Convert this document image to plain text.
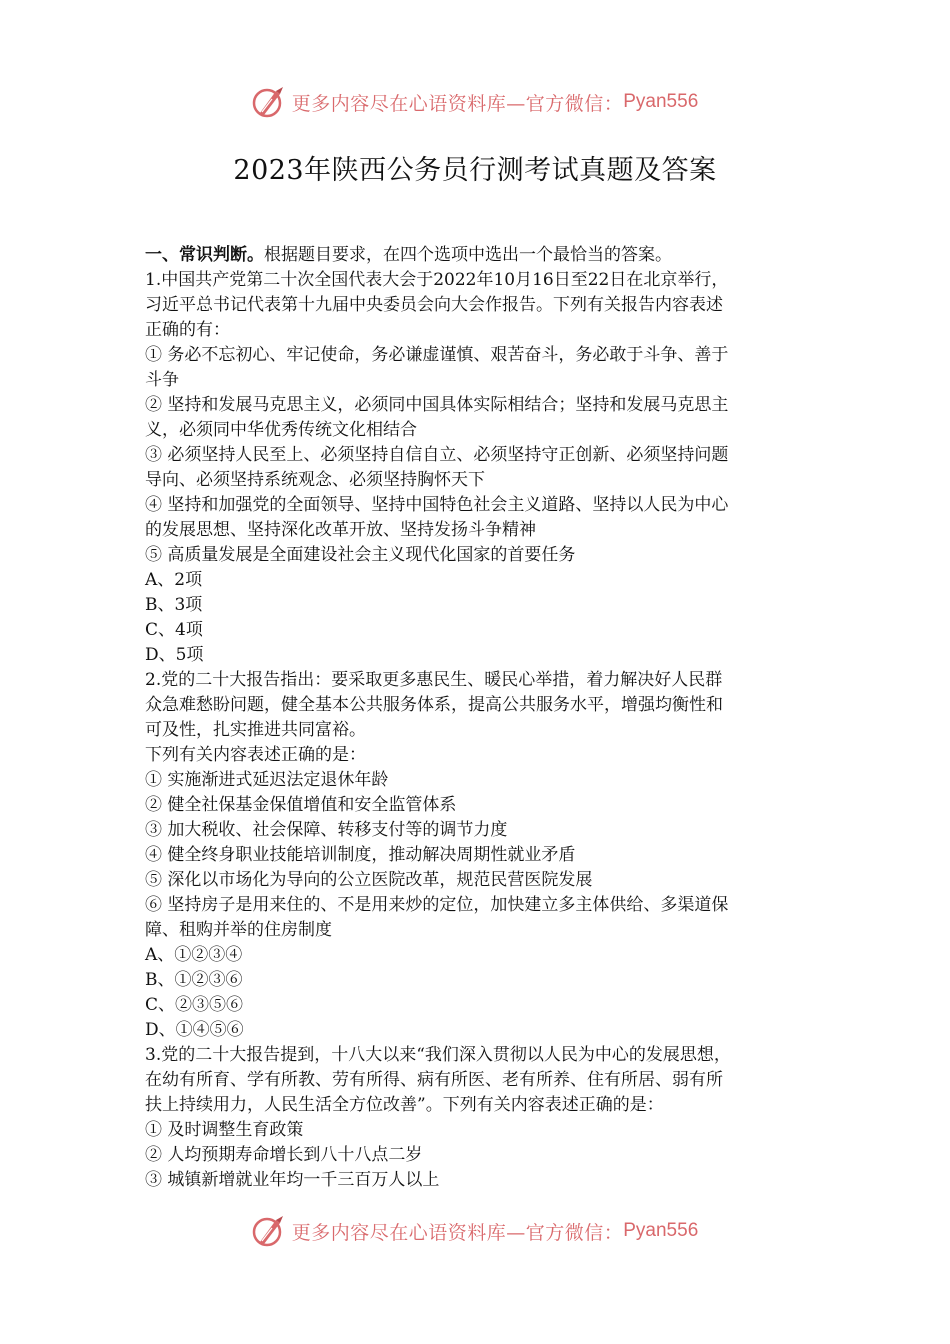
更多内容尽在心语资料库—官方微信： Pyan556
2023年陕西公务员行测考试真题及答案
一、常识判断。根据题目要求，在四个选项中选出一个最恰当的答案。
1.中国共产党第二十次全国代表大会于2022年10月16日至22日在北京举行，
习近平总书记代表第十九届中央委员会向大会作报告。下列有关报告内容表述
正确的有：
① 务必不忘初心、牢记使命，务必谦虚谨慎、艰苦奋斗，务必敢于斗争、善于
斗争
② 坚持和发展马克思主义，必须同中国具体实际相结合；坚持和发展马克思主
义，必须同中华优秀传统文化相结合
③ 必须坚持人民至上、必须坚持自信自立、必须坚持守正创新、必须坚持问题
导向、必须坚持系统观念、必须坚持胸怀天下
④ 坚持和加强党的全面领导、坚持中国特色社会主义道路、坚持以人民为中心
的发展思想、坚持深化改革开放、坚持发扬斗争精神
⑤ 高质量发展是全面建设社会主义现代化国家的首要任务
A、2项
B、3项
C、4项
D、5项
2.党的二十大报告指出：要采取更多惠民生、暖民心举措，着力解决好人民群
众急难愁盼问题，健全基本公共服务体系，提高公共服务水平，增强均衡性和
可及性，扎实推进共同富裕。
下列有关内容表述正确的是：
① 实施渐进式延迟法定退休年龄
② 健全社保基金保值增值和安全监管体系
③ 加大税收、社会保障、转移支付等的调节力度
④ 健全终身职业技能培训制度，推动解决周期性就业矛盾
⑤ 深化以市场化为导向的公立医院改革，规范民营医院发展
⑥ 坚持房子是用来住的、不是用来炒的定位，加快建立多主体供给、多渠道保
障、租购并举的住房制度
A、①②③④
B、①②③⑥
C、②③⑤⑥
D、①④⑤⑥
3.党的二十大报告提到，十八大以来“我们深入贯彻以人民为中心的发展思想，
在幼有所育、学有所教、劳有所得、病有所医、老有所养、住有所居、弱有所
扶上持续用力，人民生活全方位改善”。下列有关内容表述正确的是：
① 及时调整生育政策
② 人均预期寿命增长到八十八点二岁
③ 城镇新增就业年均一千三百万人以上
更多内容尽在心语资料库—官方微信： Pyan556
